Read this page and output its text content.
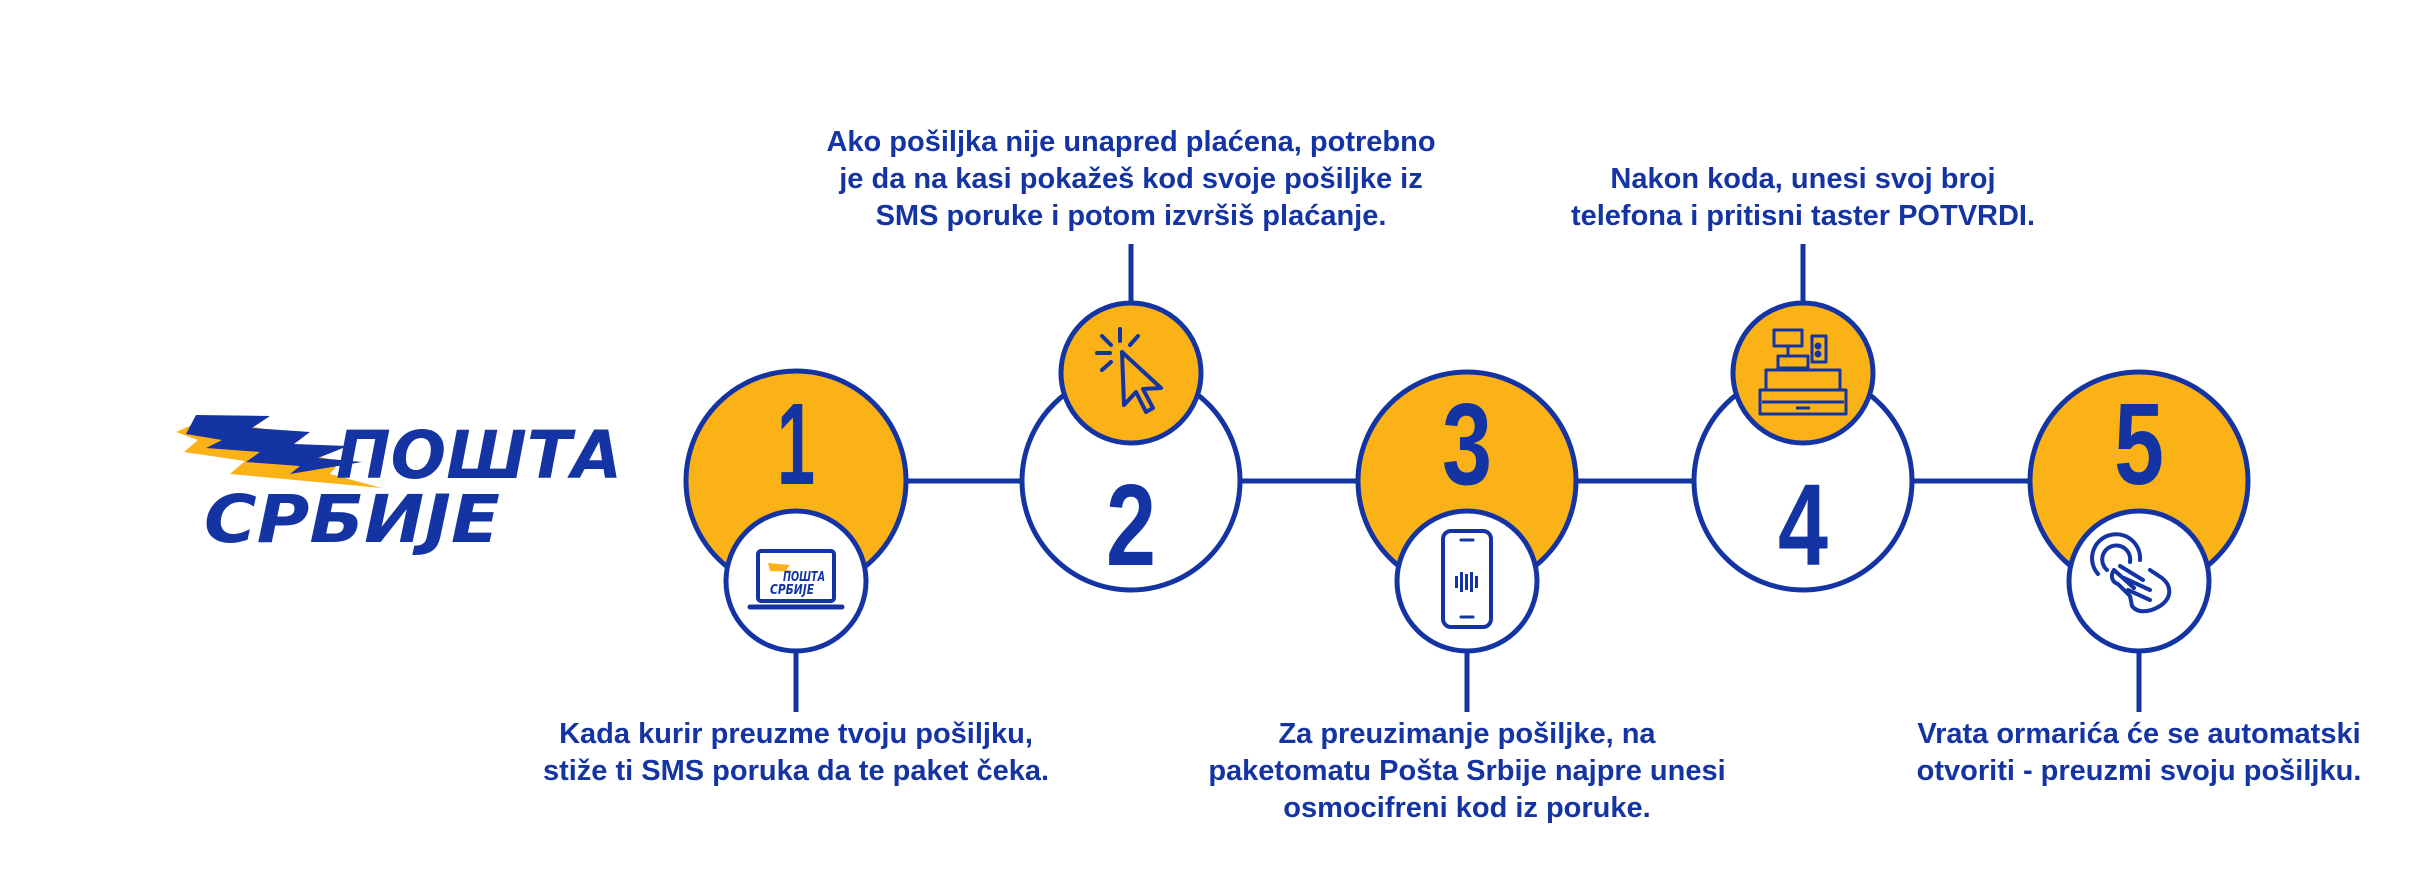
ПОШТА
СРБИЈЕ
1
ПОШТА
СРБИЈЕ
2
3
4
5

Kada kurir preuzme tvoju pošiljku,
stiže ti SMS poruka da te paket čeka.

Ako pošiljka nije unapred plaćena, potrebno
je da na kasi pokažeš kod svoje pošiljke iz
SMS poruke i potom izvršiš plaćanje.

Za preuzimanje pošiljke, na
paketomatu Pošta Srbije najpre unesi
osmocifreni kod iz poruke.

Nakon koda, unesi svoj broj
telefona i pritisni taster POTVRDI.

Vrata ormarića će se automatski
otvoriti - preuzmi svoju pošiljku.
